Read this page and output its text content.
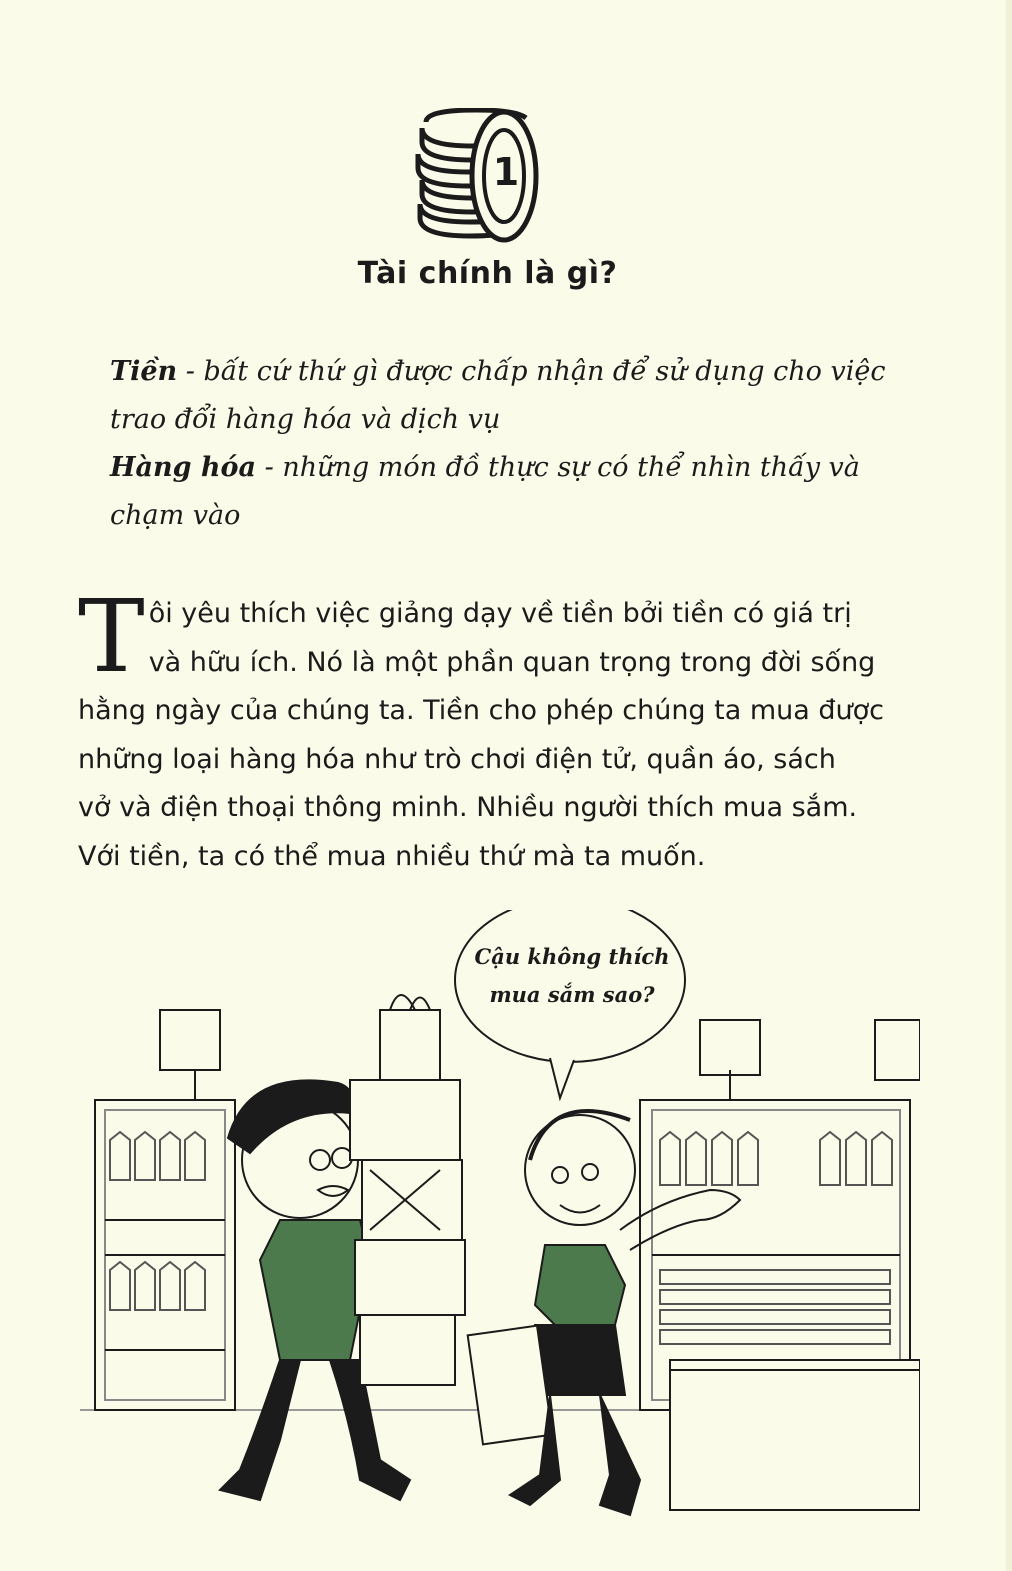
1
Tài chính là gì?
Tiền - bất cứ thứ gì được chấp nhận để sử dụng cho việc
trao đổi hàng hóa và dịch vụ
Hàng hóa - những món đồ thực sự có thể nhìn thấy và
chạm vào
T ôi yêu thích việc giảng dạy về tiền bởi tiền có giá trị
và hữu ích. Nó là một phần quan trọng trong đời sống
hằng ngày của chúng ta. Tiền cho phép chúng ta mua được
những loại hàng hóa như trò chơi điện tử, quần áo, sách
vở và điện thoại thông minh. Nhiều người thích mua sắm.
Với tiền, ta có thể mua nhiều thứ mà ta muốn.
Cậu không thích
mua sắm sao?
